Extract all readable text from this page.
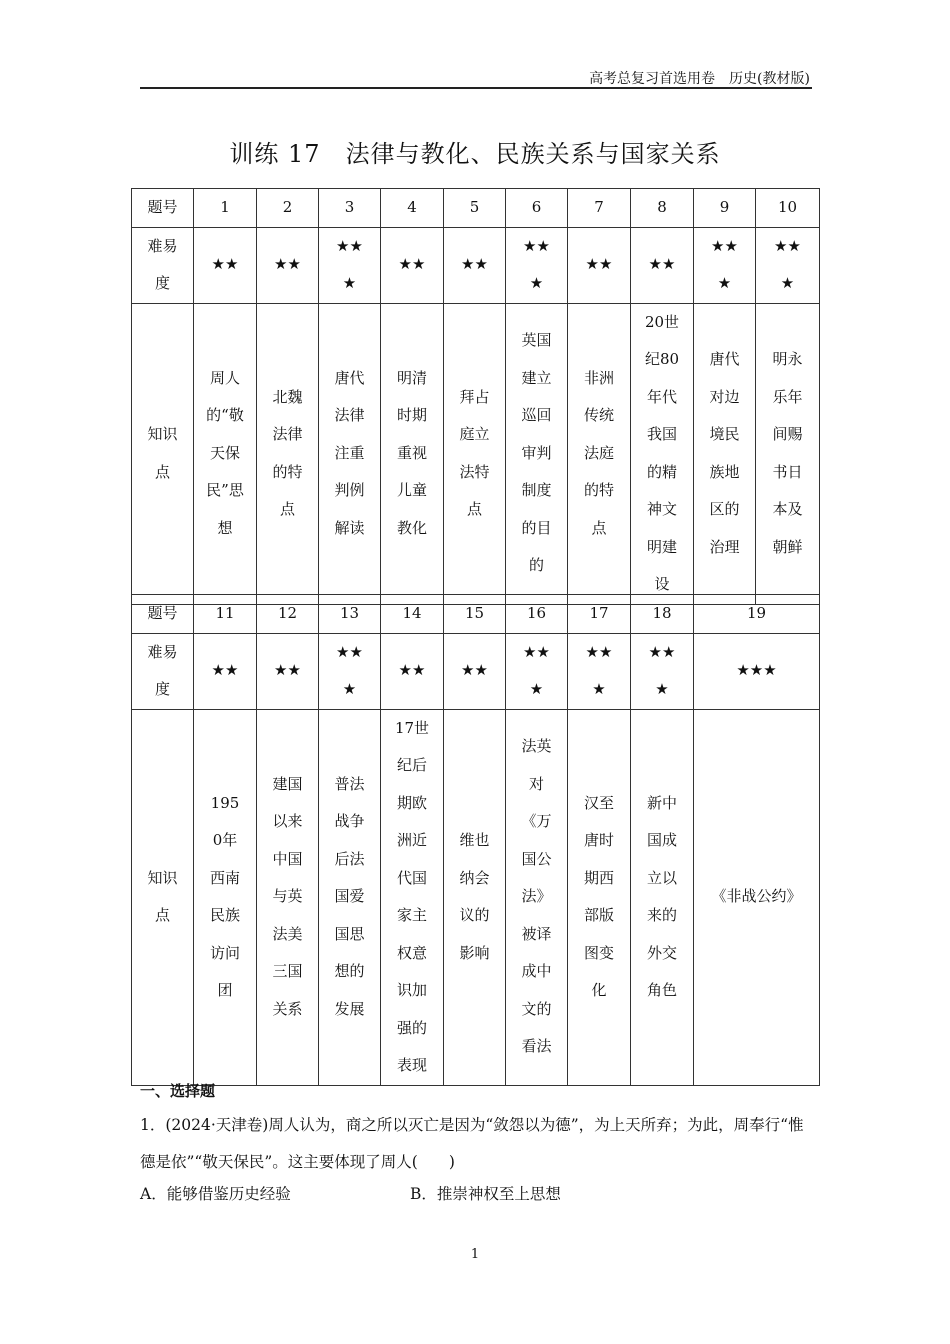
高考总复习首选用卷　历史(教材版)
训练 17　法律与教化、民族关系与国家关系
题号	1	2	3	4	5	6	7	8	9	10
难易度	★★	★★	★★★	★★	★★	★★★	★★	★★	★★★	★★★
知识点	周人的“敬天保民”思想	北魏法律的特点	唐代法律注重判例解读	明清时期重视儿童教化	拜占庭立法特点	英国建立巡回审判制度的目的	非洲传统法庭的特点	20世纪80年代我国的精神文明建设	唐代对边境民族地区的治理	明永乐年间赐书日本及朝鲜
题号	11	12	13	14	15	16	17	18	19
难易度	★★	★★	★★★	★★	★★	★★★	★★★	★★★	★★★
知识点	1950年西南民族访问团	建国以来中国与英法美三国关系	普法战争后法国爱国思想的发展	17世纪后期欧洲近代国家主权意识加强的表现	维也纳会议的影响	法英对《万国公法》被译成中文的看法	汉至唐时期西部版图变化	新中国成立以来的外交角色	《非战公约》
一、选择题
1．(2024·天津卷)周人认为，商之所以灭亡是因为“敛怨以为德”，为上天所弃；为此，周奉行“惟德是依”“敬天保民”。这主要体现了周人(　　)
A．能够借鉴历史经验	B．推崇神权至上思想
1
